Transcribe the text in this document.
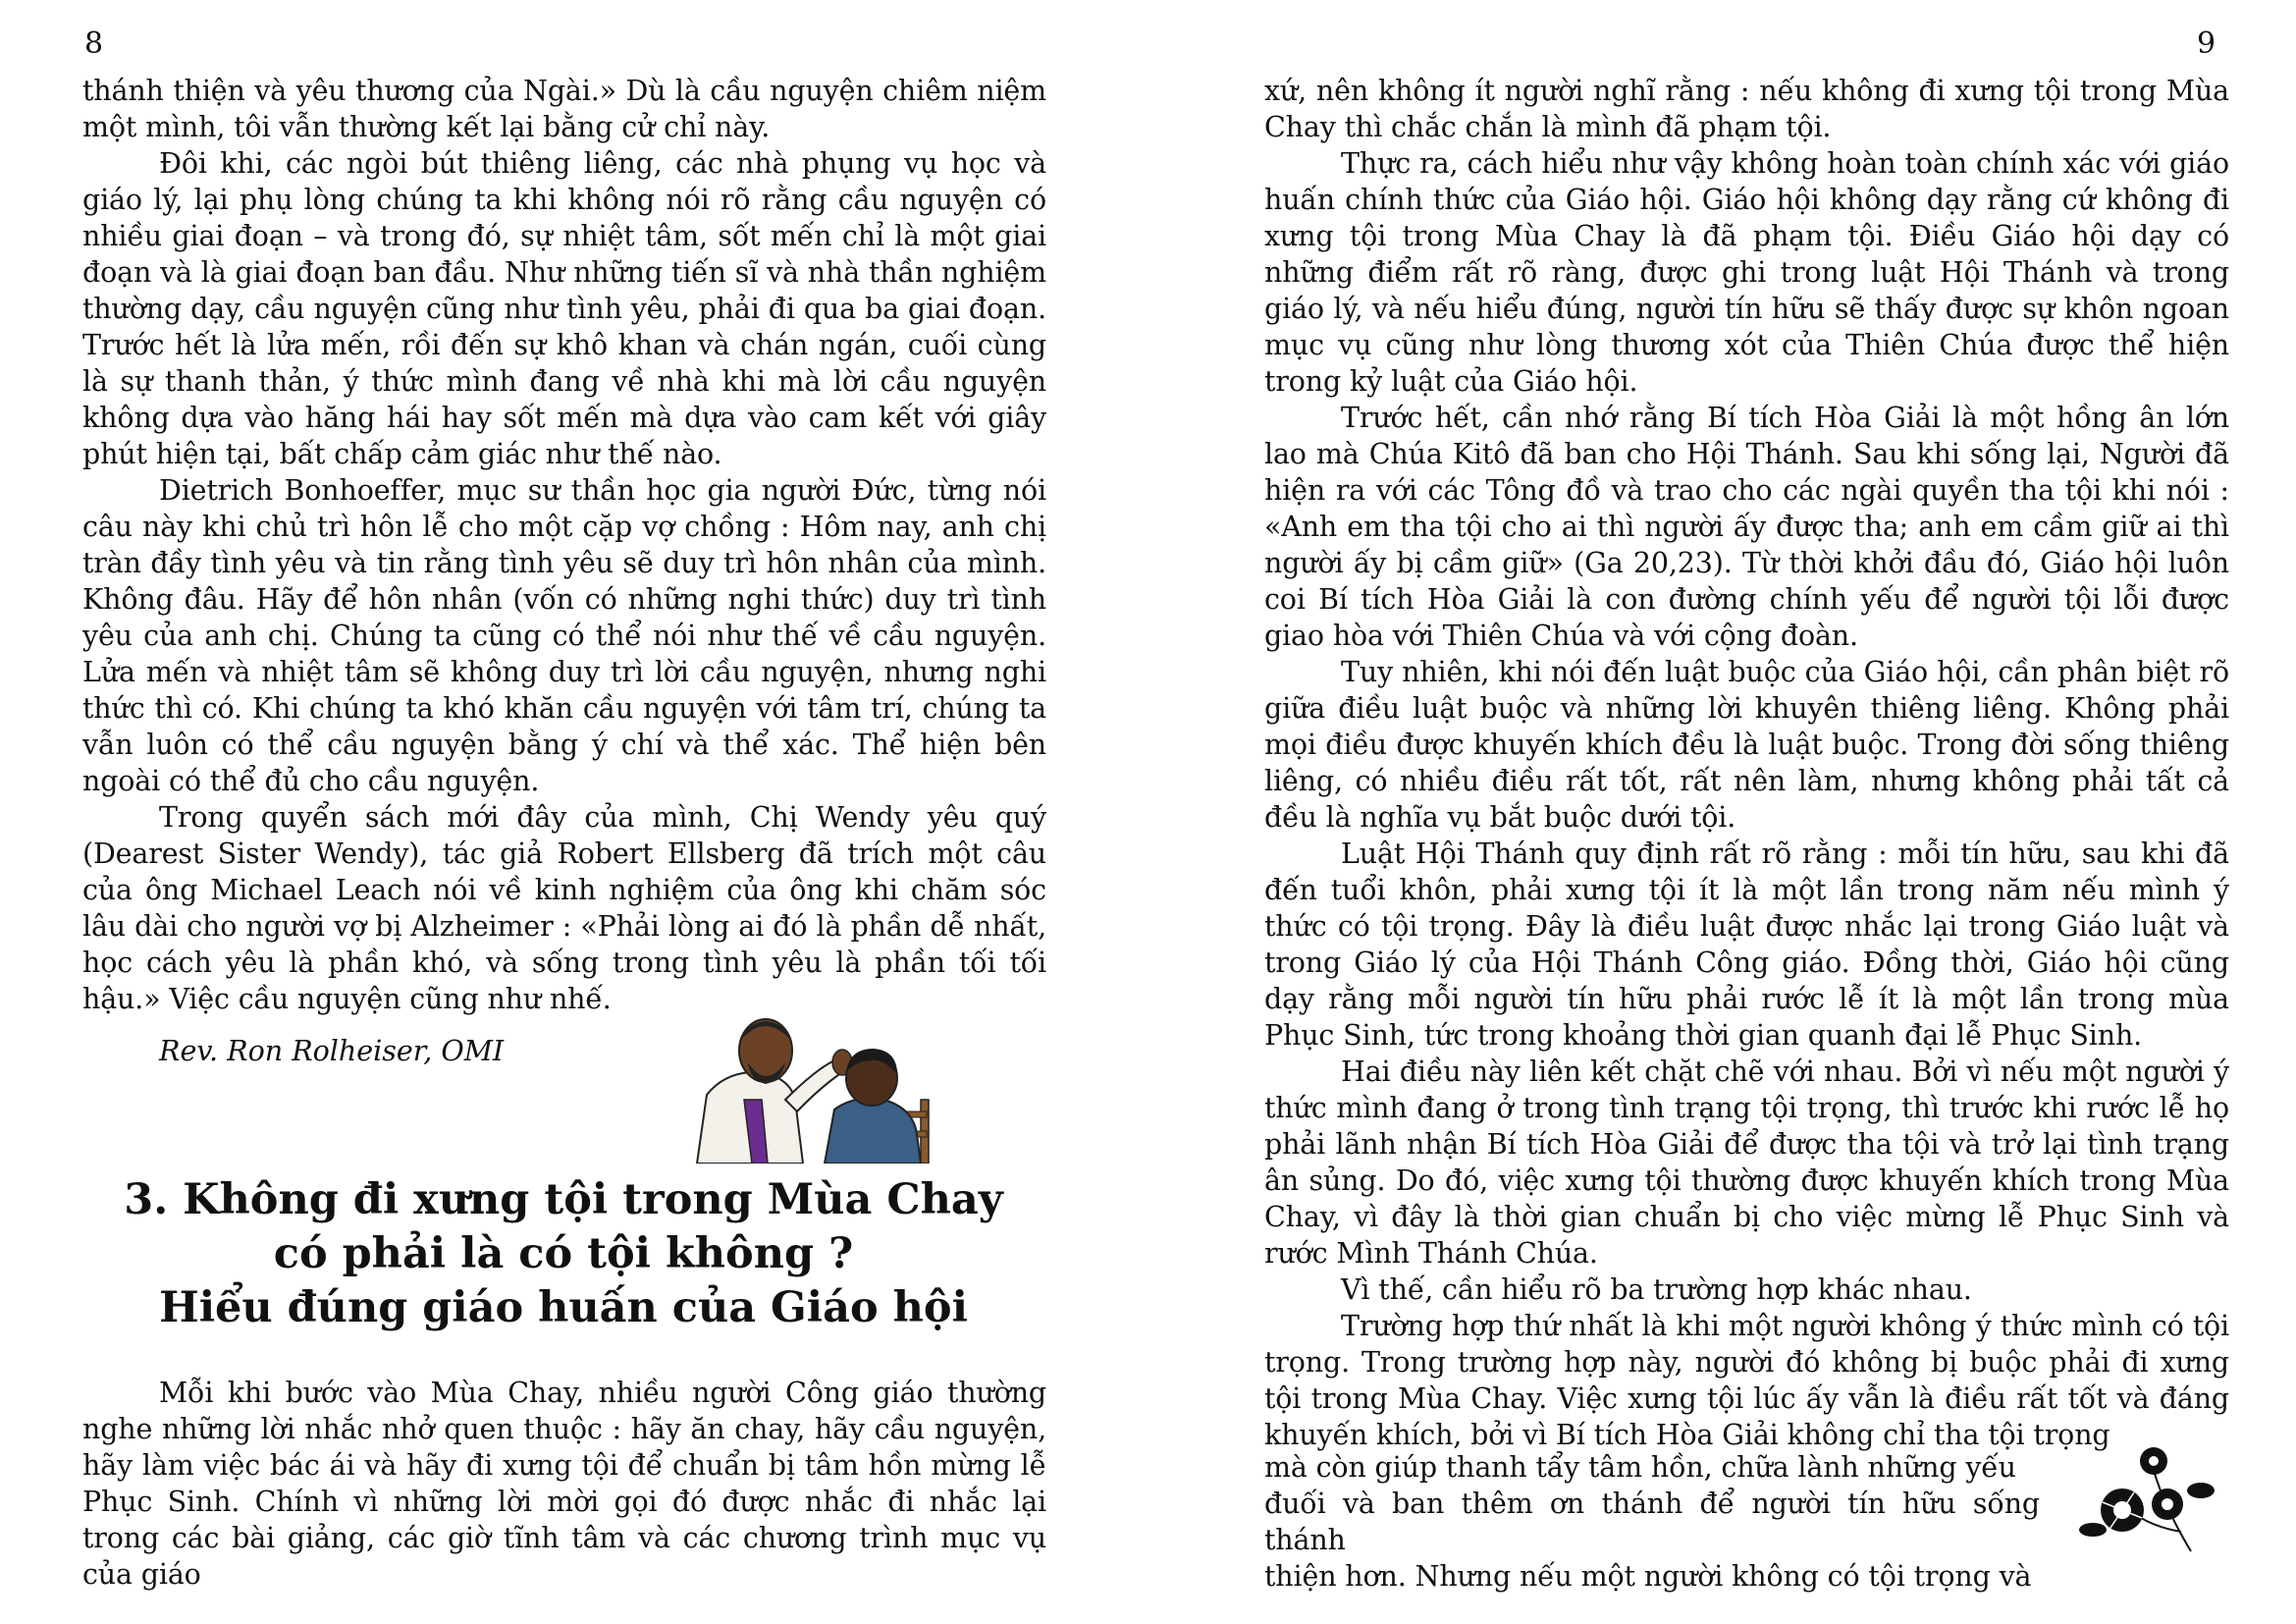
8

thánh thiện và yêu thương của Ngài.» Dù là cầu nguyện chiêm niệm một mình, tôi vẫn thường kết lại bằng cử chỉ này.

Đôi khi, các ngòi bút thiêng liêng, các nhà phụng vụ học và giáo lý, lại phụ lòng chúng ta khi không nói rõ rằng cầu nguyện có nhiều giai đoạn – và trong đó, sự nhiệt tâm, sốt mến chỉ là một giai đoạn và là giai đoạn ban đầu. Như những tiến sĩ và nhà thần nghiệm thường dạy, cầu nguyện cũng như tình yêu, phải đi qua ba giai đoạn. Trước hết là lửa mến, rồi đến sự khô khan và chán ngán, cuối cùng là sự thanh thản, ý thức mình đang về nhà khi mà lời cầu nguyện không dựa vào hăng hái hay sốt mến mà dựa vào cam kết với giây phút hiện tại, bất chấp cảm giác như thế nào.

Dietrich Bonhoeffer, mục sư thần học gia người Đức, từng nói câu này khi chủ trì hôn lễ cho một cặp vợ chồng : Hôm nay, anh chị tràn đầy tình yêu và tin rằng tình yêu sẽ duy trì hôn nhân của mình. Không đâu. Hãy để hôn nhân (vốn có những nghi thức) duy trì tình yêu của anh chị. Chúng ta cũng có thể nói như thế về cầu nguyện. Lửa mến và nhiệt tâm sẽ không duy trì lời cầu nguyện, nhưng nghi thức thì có. Khi chúng ta khó khăn cầu nguyện với tâm trí, chúng ta vẫn luôn có thể cầu nguyện bằng ý chí và thể xác. Thể hiện bên ngoài có thể đủ cho cầu nguyện.

Trong quyển sách mới đây của mình, Chị Wendy yêu quý (Dearest Sister Wendy), tác giả Robert Ellsberg đã trích một câu của ông Michael Leach nói về kinh nghiệm của ông khi chăm sóc lâu dài cho người vợ bị Alzheimer : «Phải lòng ai đó là phần dễ nhất, học cách yêu là phần khó, và sống trong tình yêu là phần tối tối hậu.» Việc cầu nguyện cũng như nhế.

Rev. Ron Rolheiser, OMI
3. Không đi xưng tội trong Mùa Chay
có phải là có tội không ?
Hiểu đúng giáo huấn của Giáo hội

Mỗi khi bước vào Mùa Chay, nhiều người Công giáo thường nghe những lời nhắc nhở quen thuộc : hãy ăn chay, hãy cầu nguyện, hãy làm việc bác ái và hãy đi xưng tội để chuẩn bị tâm hồn mừng lễ Phục Sinh. Chính vì những lời mời gọi đó được nhắc đi nhắc lại trong các bài giảng, các giờ tĩnh tâm và các chương trình mục vụ của giáo

9

xứ, nên không ít người nghĩ rằng : nếu không đi xưng tội trong Mùa Chay thì chắc chắn là mình đã phạm tội.

Thực ra, cách hiểu như vậy không hoàn toàn chính xác với giáo huấn chính thức của Giáo hội. Giáo hội không dạy rằng cứ không đi xưng tội trong Mùa Chay là đã phạm tội. Điều Giáo hội dạy có những điểm rất rõ ràng, được ghi trong luật Hội Thánh và trong giáo lý, và nếu hiểu đúng, người tín hữu sẽ thấy được sự khôn ngoan mục vụ cũng như lòng thương xót của Thiên Chúa được thể hiện trong kỷ luật của Giáo hội.

Trước hết, cần nhớ rằng Bí tích Hòa Giải là một hồng ân lớn lao mà Chúa Kitô đã ban cho Hội Thánh. Sau khi sống lại, Người đã hiện ra với các Tông đồ và trao cho các ngài quyền tha tội khi nói : «Anh em tha tội cho ai thì người ấy được tha; anh em cầm giữ ai thì người ấy bị cầm giữ» (Ga 20,23). Từ thời khởi đầu đó, Giáo hội luôn coi Bí tích Hòa Giải là con đường chính yếu để người tội lỗi được giao hòa với Thiên Chúa và với cộng đoàn.

Tuy nhiên, khi nói đến luật buộc của Giáo hội, cần phân biệt rõ giữa điều luật buộc và những lời khuyên thiêng liêng. Không phải mọi điều được khuyến khích đều là luật buộc. Trong đời sống thiêng liêng, có nhiều điều rất tốt, rất nên làm, nhưng không phải tất cả đều là nghĩa vụ bắt buộc dưới tội.

Luật Hội Thánh quy định rất rõ rằng : mỗi tín hữu, sau khi đã đến tuổi khôn, phải xưng tội ít là một lần trong năm nếu mình ý thức có tội trọng. Đây là điều luật được nhắc lại trong Giáo luật và trong Giáo lý của Hội Thánh Công giáo. Đồng thời, Giáo hội cũng dạy rằng mỗi người tín hữu phải rước lễ ít là một lần trong mùa Phục Sinh, tức trong khoảng thời gian quanh đại lễ Phục Sinh.

Hai điều này liên kết chặt chẽ với nhau. Bởi vì nếu một người ý thức mình đang ở trong tình trạng tội trọng, thì trước khi rước lễ họ phải lãnh nhận Bí tích Hòa Giải để được tha tội và trở lại tình trạng ân sủng. Do đó, việc xưng tội thường được khuyến khích trong Mùa Chay, vì đây là thời gian chuẩn bị cho việc mừng lễ Phục Sinh và rước Mình Thánh Chúa.

Vì thế, cần hiểu rõ ba trường hợp khác nhau.

Trường hợp thứ nhất là khi một người không ý thức mình có tội trọng. Trong trường hợp này, người đó không bị buộc phải đi xưng tội trong Mùa Chay. Việc xưng tội lúc ấy vẫn là điều rất tốt và đáng khuyến khích, bởi vì Bí tích Hòa Giải không chỉ tha tội trọng

mà còn giúp thanh tẩy tâm hồn, chữa lành những yếu

đuối và ban thêm ơn thánh để người tín hữu sống thánh

thiện hơn. Nhưng nếu một người không có tội trọng và
